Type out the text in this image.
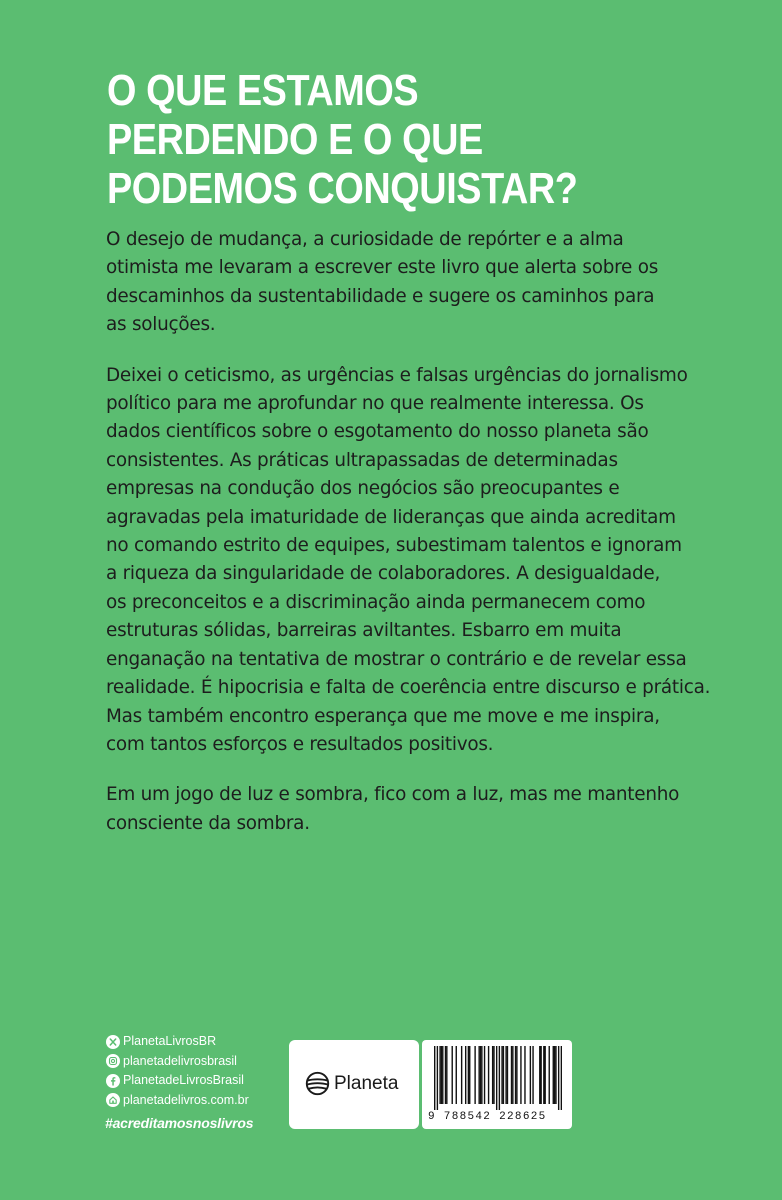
O QUE ESTAMOS
PERDENDO E O QUE
PODEMOS CONQUISTAR?

O desejo de mudança, a curiosidade de repórter e a alma
otimista me levaram a escrever este livro que alerta sobre os
descaminhos da sustentabilidade e sugere os caminhos para
as soluções.

Deixei o ceticismo, as urgências e falsas urgências do jornalismo
político para me aprofundar no que realmente interessa. Os
dados científicos sobre o esgotamento do nosso planeta são
consistentes. As práticas ultrapassadas de determinadas
empresas na condução dos negócios são preocupantes e
agravadas pela imaturidade de lideranças que ainda acreditam
no comando estrito de equipes, subestimam talentos e ignoram
a riqueza da singularidade de colaboradores. A desigualdade,
os preconceitos e a discriminação ainda permanecem como
estruturas sólidas, barreiras aviltantes. Esbarro em muita
enganação na tentativa de mostrar o contrário e de revelar essa
realidade. É hipocrisia e falta de coerência entre discurso e prática.
Mas também encontro esperança que me move e me inspira,
com tantos esforços e resultados positivos.

Em um jogo de luz e sombra, fico com a luz, mas me mantenho
consciente da sombra.

PlanetaLivrosBR
planetadelivrosbrasil
PlanetadeLivrosBrasil
planetadelivros.com.br
#acreditamosnoslivros
Planeta
9 788542 228625
